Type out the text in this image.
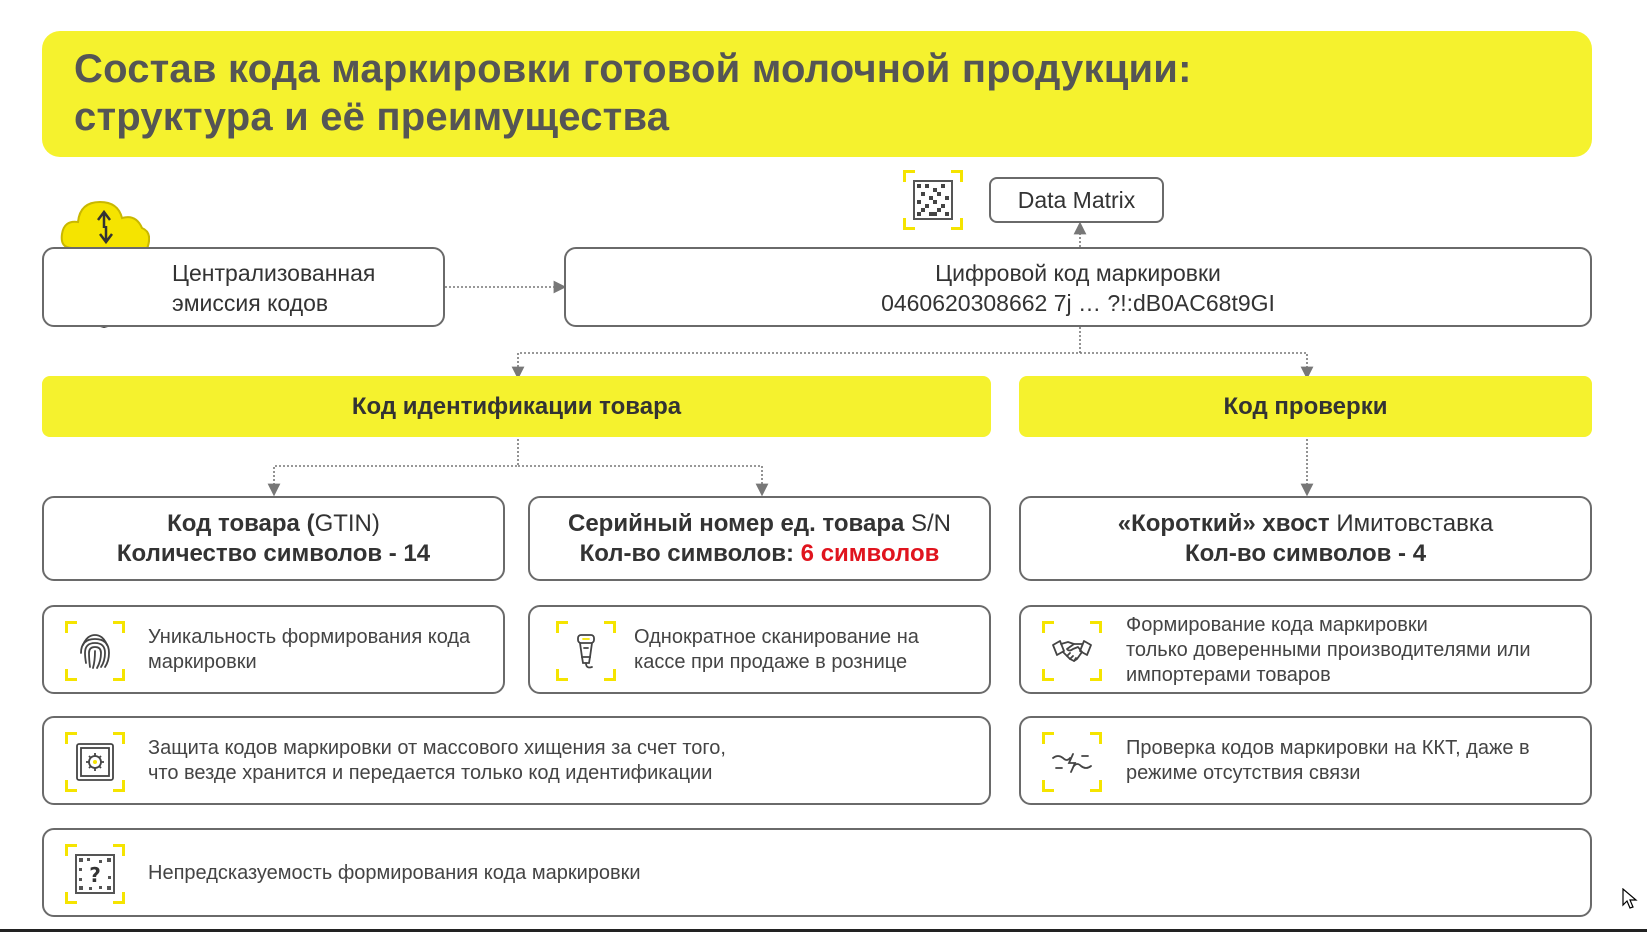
Состав кода маркировки готовой молочной продукции:
структура и её преимущества
Централизованная
эмиссия кодов
Data Matrix
Цифровой код маркировки
0460620308662 7j … ?!:dB0AC68t9GI
Код идентификации товара	Код проверки
Код товара (GTIN)
Количество символов - 14
Серийный номер ед. товара S/N
Кол-во символов: 6 символов
«Короткий» хвост Имитовставка
Кол-во символов - 4
Уникальность формирования кода
маркировки
Однократное сканирование на
кассе при продаже в рознице
Формирование кода маркировки
только доверенными производителями или
импортерами товаров
Защита кодов маркировки от массового хищения за счет того,
что везде хранится и передается только код идентификации
Проверка кодов маркировки на ККТ, даже в
режиме отсутствия связи
? Непредсказуемость формирования кода маркировки
